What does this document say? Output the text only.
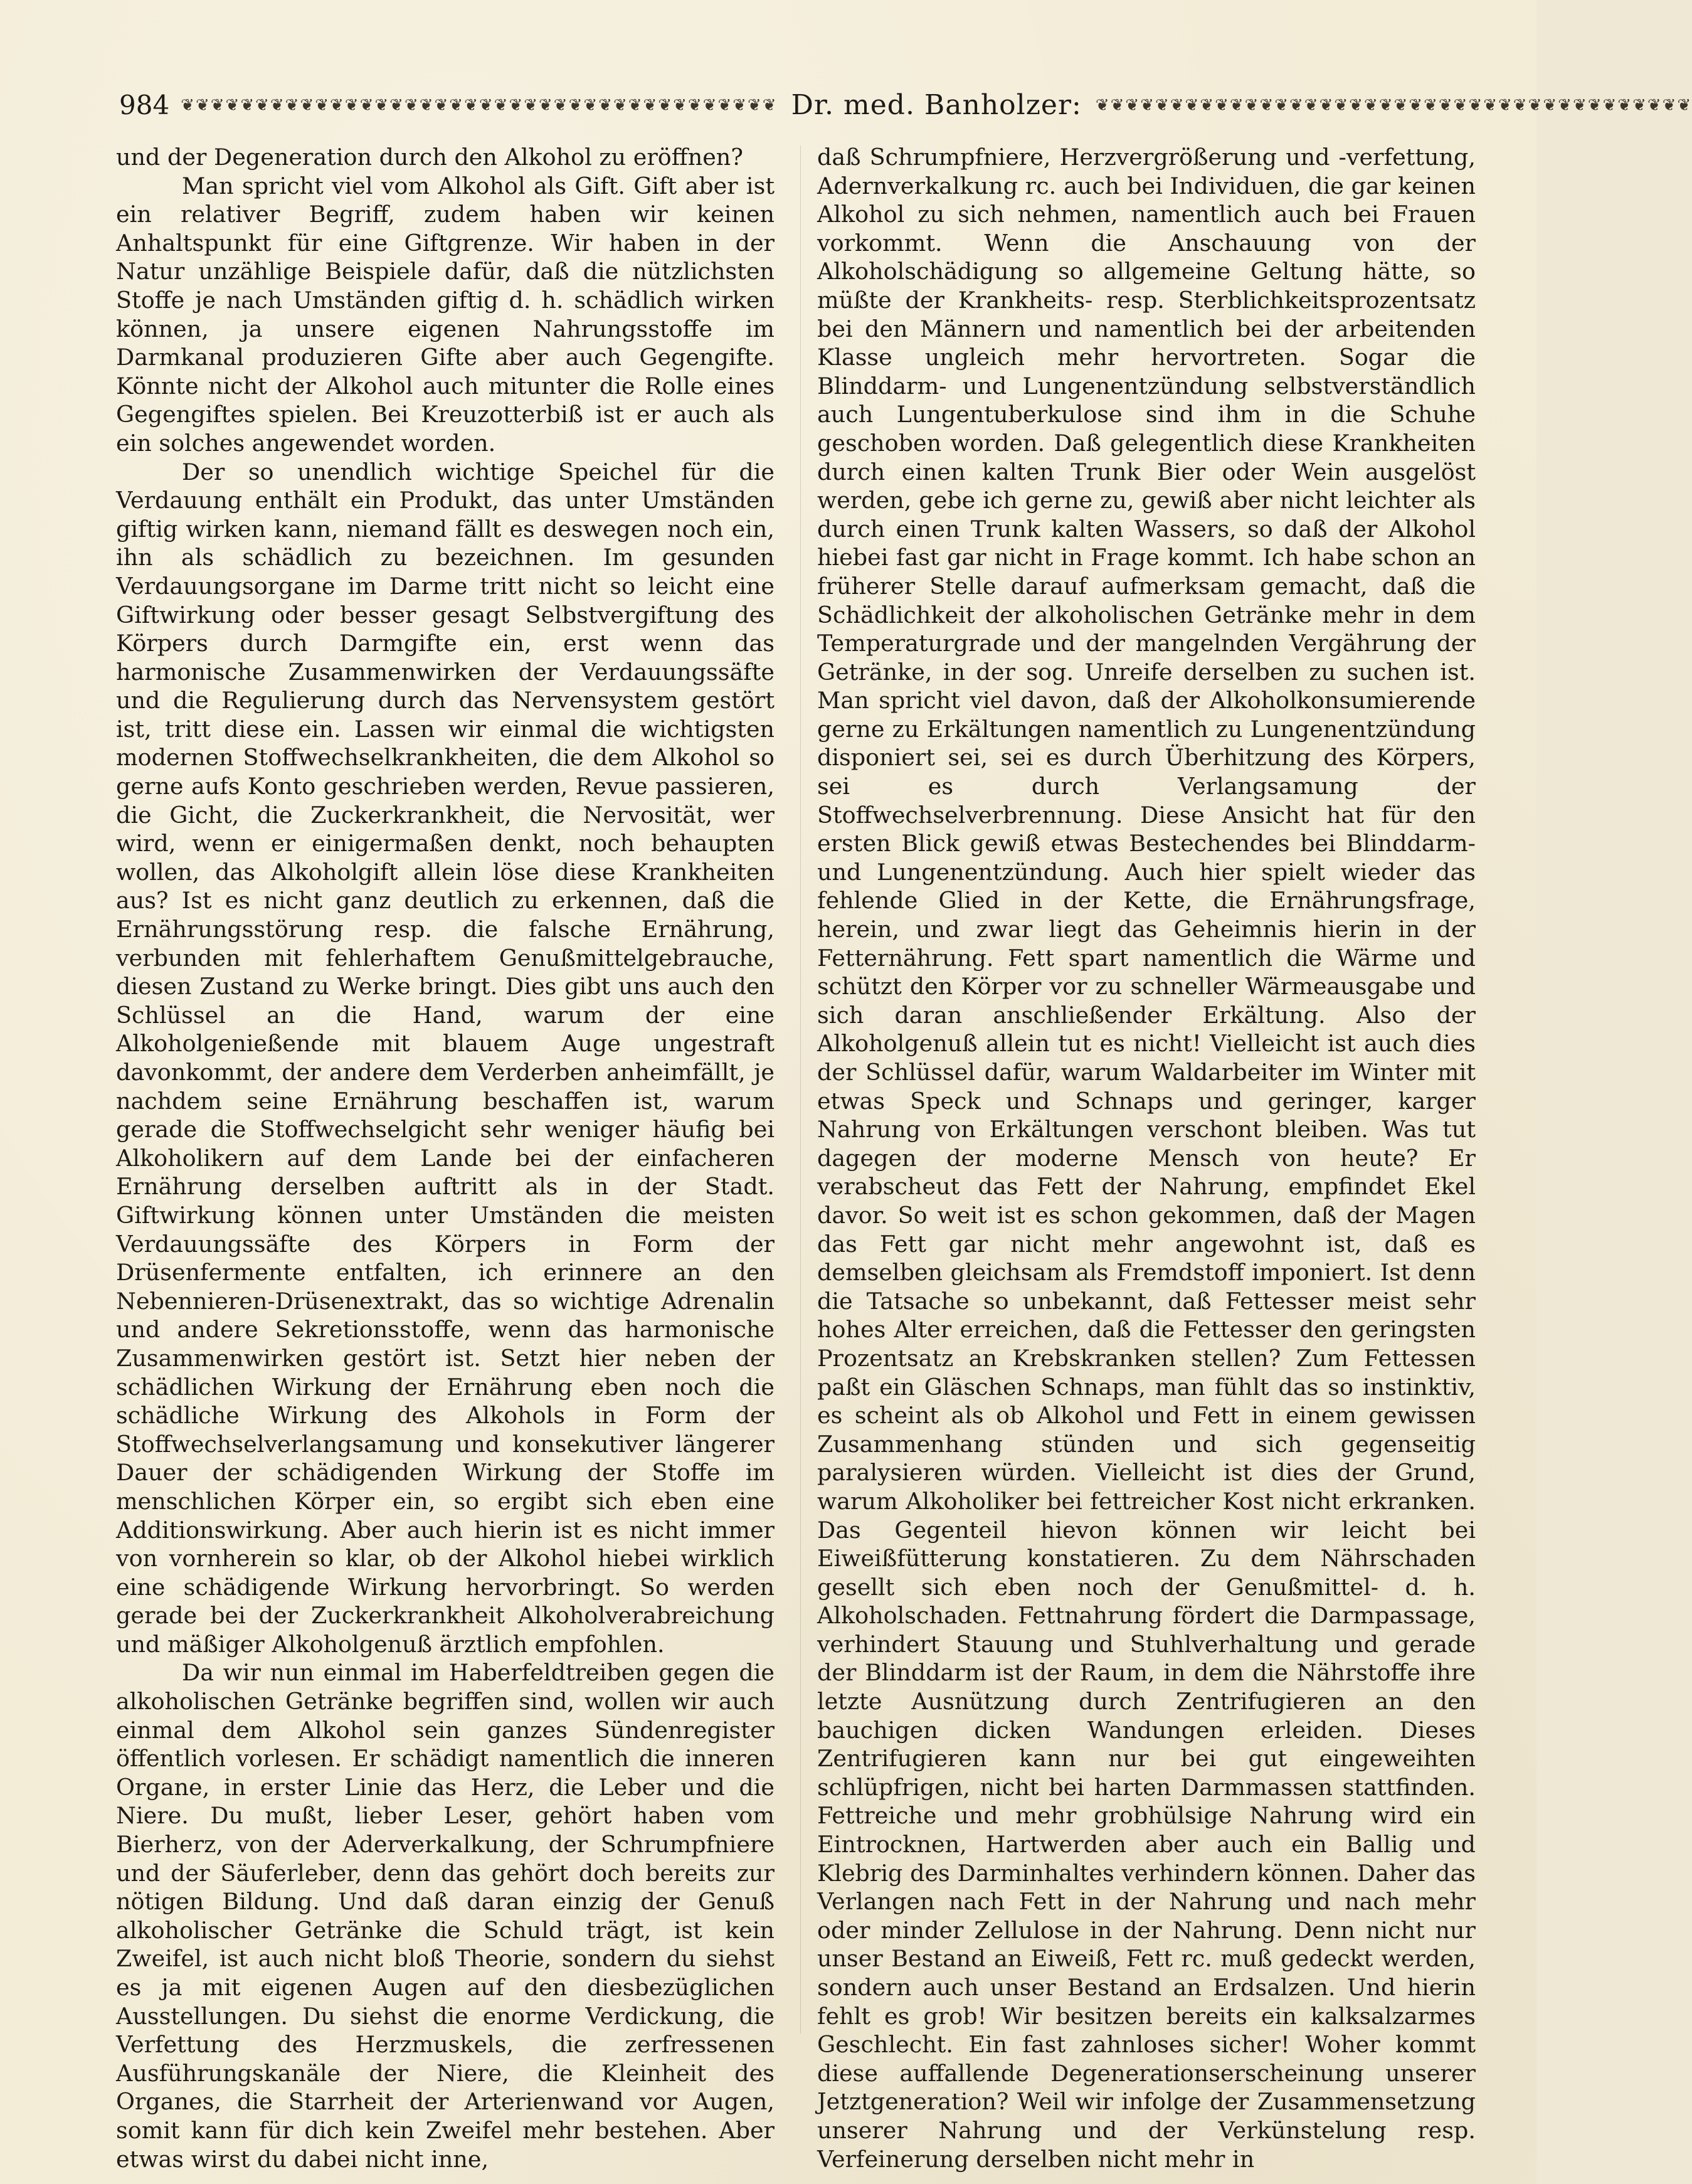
984 ❦❦❦❦❦❦❦❦❦❦❦❦❦❦❦❦❦❦❦❦❦❦❦❦❦❦❦❦❦❦❦❦❦❦❦❦❦❦❦❦ Dr. med. Banholzer: ❦❦❦❦❦❦❦❦❦❦❦❦❦❦❦❦❦❦❦❦❦❦❦❦❦❦❦❦❦❦❦❦❦❦❦❦❦❦❦❦

und der Degeneration durch den Alkohol zu eröffnen?

Man spricht viel vom Alkohol als Gift. Gift aber ist ein relativer Begriff, zudem haben wir keinen Anhaltspunkt für eine Giftgrenze. Wir haben in der Natur unzählige Beispiele dafür, daß die nützlichsten Stoffe je nach Umständen giftig d. h. schädlich wirken können, ja unsere eigenen Nahrungsstoffe im Darmkanal produzieren Gifte aber auch Gegengifte. Könnte nicht der Alkohol auch mitunter die Rolle eines Gegengiftes spielen. Bei Kreuzotterbiß ist er auch als ein solches angewendet worden.

Der so unendlich wichtige Speichel für die Verdauung enthält ein Produkt, das unter Umständen giftig wirken kann, niemand fällt es deswegen noch ein, ihn als schädlich zu bezeichnen. Im gesunden Verdauungsorgane im Darme tritt nicht so leicht eine Giftwirkung oder besser gesagt Selbstvergiftung des Körpers durch Darmgifte ein, erst wenn das harmonische Zusammenwirken der Verdauungssäfte und die Regulierung durch das Nervensystem gestört ist, tritt diese ein. Lassen wir einmal die wichtigsten modernen Stoffwechselkrankheiten, die dem Alkohol so gerne aufs Konto geschrieben werden, Revue passieren, die Gicht, die Zuckerkrankheit, die Nervosität, wer wird, wenn er einigermaßen denkt, noch behaupten wollen, das Alkoholgift allein löse diese Krankheiten aus? Ist es nicht ganz deutlich zu erkennen, daß die Ernährungsstörung resp. die falsche Ernährung, verbunden mit fehlerhaftem Genußmittelgebrauche, diesen Zustand zu Werke bringt. Dies gibt uns auch den Schlüssel an die Hand, warum der eine Alkoholgenießende mit blauem Auge ungestraft davonkommt, der andere dem Verderben anheimfällt, je nachdem seine Ernährung beschaffen ist, warum gerade die Stoffwechselgicht sehr weniger häufig bei Alkoholikern auf dem Lande bei der einfacheren Ernährung derselben auftritt als in der Stadt. Giftwirkung können unter Umständen die meisten Verdauungssäfte des Körpers in Form der Drüsenfermente entfalten, ich erinnere an den Nebennieren-Drüsenextrakt, das so wichtige Adrenalin und andere Sekretionsstoffe, wenn das harmonische Zusammenwirken gestört ist. Setzt hier neben der schädlichen Wirkung der Ernährung eben noch die schädliche Wirkung des Alkohols in Form der Stoffwechselverlangsamung und konsekutiver längerer Dauer der schädigenden Wirkung der Stoffe im menschlichen Körper ein, so ergibt sich eben eine Additionswirkung. Aber auch hierin ist es nicht immer von vornherein so klar, ob der Alkohol hiebei wirklich eine schädigende Wirkung hervorbringt. So werden gerade bei der Zuckerkrankheit Alkoholverabreichung und mäßiger Alkoholgenuß ärztlich empfohlen.

Da wir nun einmal im Haberfeldtreiben gegen die alkoholischen Getränke begriffen sind, wollen wir auch einmal dem Alkohol sein ganzes Sündenregister öffentlich vorlesen. Er schädigt namentlich die inneren Organe, in erster Linie das Herz, die Leber und die Niere. Du mußt, lieber Leser, gehört haben vom Bierherz, von der Aderverkalkung, der Schrumpfniere und der Säuferleber, denn das gehört doch bereits zur nötigen Bildung. Und daß daran einzig der Genuß alkoholischer Getränke die Schuld trägt, ist kein Zweifel, ist auch nicht bloß Theorie, sondern du siehst es ja mit eigenen Augen auf den diesbezüglichen Ausstellungen. Du siehst die enorme Verdickung, die Verfettung des Herzmuskels, die zerfressenen Ausführungskanäle der Niere, die Kleinheit des Organes, die Starrheit der Arterienwand vor Augen, somit kann für dich kein Zweifel mehr bestehen. Aber etwas wirst du dabei nicht inne,

daß Schrumpfniere, Herzvergrößerung und -verfettung, Adernverkalkung rc. auch bei Individuen, die gar keinen Alkohol zu sich nehmen, namentlich auch bei Frauen vorkommt. Wenn die Anschauung von der Alkoholschädigung so allgemeine Geltung hätte, so müßte der Krankheits- resp. Sterblichkeitsprozentsatz bei den Männern und namentlich bei der arbeitenden Klasse ungleich mehr hervortreten. Sogar die Blinddarm- und Lungenentzündung selbstverständlich auch Lungentuberkulose sind ihm in die Schuhe geschoben worden. Daß gelegentlich diese Krankheiten durch einen kalten Trunk Bier oder Wein ausgelöst werden, gebe ich gerne zu, gewiß aber nicht leichter als durch einen Trunk kalten Wassers, so daß der Alkohol hiebei fast gar nicht in Frage kommt. Ich habe schon an früherer Stelle darauf aufmerksam gemacht, daß die Schädlichkeit der alkoholischen Getränke mehr in dem Temperaturgrade und der mangelnden Vergährung der Getränke, in der sog. Unreife derselben zu suchen ist. Man spricht viel davon, daß der Alkoholkonsumierende gerne zu Erkältungen namentlich zu Lungenentzündung disponiert sei, sei es durch Überhitzung des Körpers, sei es durch Verlangsamung der Stoffwechselverbrennung. Diese Ansicht hat für den ersten Blick gewiß etwas Bestechendes bei Blinddarm- und Lungenentzündung. Auch hier spielt wieder das fehlende Glied in der Kette, die Ernährungsfrage, herein, und zwar liegt das Geheimnis hierin in der Fetternährung. Fett spart namentlich die Wärme und schützt den Körper vor zu schneller Wärmeausgabe und sich daran anschließender Erkältung. Also der Alkoholgenuß allein tut es nicht! Vielleicht ist auch dies der Schlüssel dafür, warum Waldarbeiter im Winter mit etwas Speck und Schnaps und geringer, karger Nahrung von Erkältungen verschont bleiben. Was tut dagegen der moderne Mensch von heute? Er verabscheut das Fett der Nahrung, empfindet Ekel davor. So weit ist es schon gekommen, daß der Magen das Fett gar nicht mehr angewohnt ist, daß es demselben gleichsam als Fremdstoff imponiert. Ist denn die Tatsache so unbekannt, daß Fettesser meist sehr hohes Alter erreichen, daß die Fettesser den geringsten Prozentsatz an Krebskranken stellen? Zum Fettessen paßt ein Gläschen Schnaps, man fühlt das so instinktiv, es scheint als ob Alkohol und Fett in einem gewissen Zusammenhang stünden und sich gegenseitig paralysieren würden. Vielleicht ist dies der Grund, warum Alkoholiker bei fettreicher Kost nicht erkranken. Das Gegenteil hievon können wir leicht bei Eiweißfütterung konstatieren. Zu dem Nährschaden gesellt sich eben noch der Genußmittel- d. h. Alkoholschaden. Fettnahrung fördert die Darmpassage, verhindert Stauung und Stuhlverhaltung und gerade der Blinddarm ist der Raum, in dem die Nährstoffe ihre letzte Ausnützung durch Zentrifugieren an den bauchigen dicken Wandungen erleiden. Dieses Zentrifugieren kann nur bei gut eingeweihten schlüpfrigen, nicht bei harten Darmmassen stattfinden. Fettreiche und mehr grobhülsige Nahrung wird ein Eintrocknen, Hartwerden aber auch ein Ballig und Klebrig des Darminhaltes verhindern können. Daher das Verlangen nach Fett in der Nahrung und nach mehr oder minder Zellulose in der Nahrung. Denn nicht nur unser Bestand an Eiweiß, Fett rc. muß gedeckt werden, sondern auch unser Bestand an Erdsalzen. Und hierin fehlt es grob! Wir besitzen bereits ein kalksalzarmes Geschlecht. Ein fast zahnloses sicher! Woher kommt diese auffallende Degenerationserscheinung unserer Jetztgeneration? Weil wir infolge der Zusammensetzung unserer Nahrung und der Verkünstelung resp. Verfeinerung derselben nicht mehr in
